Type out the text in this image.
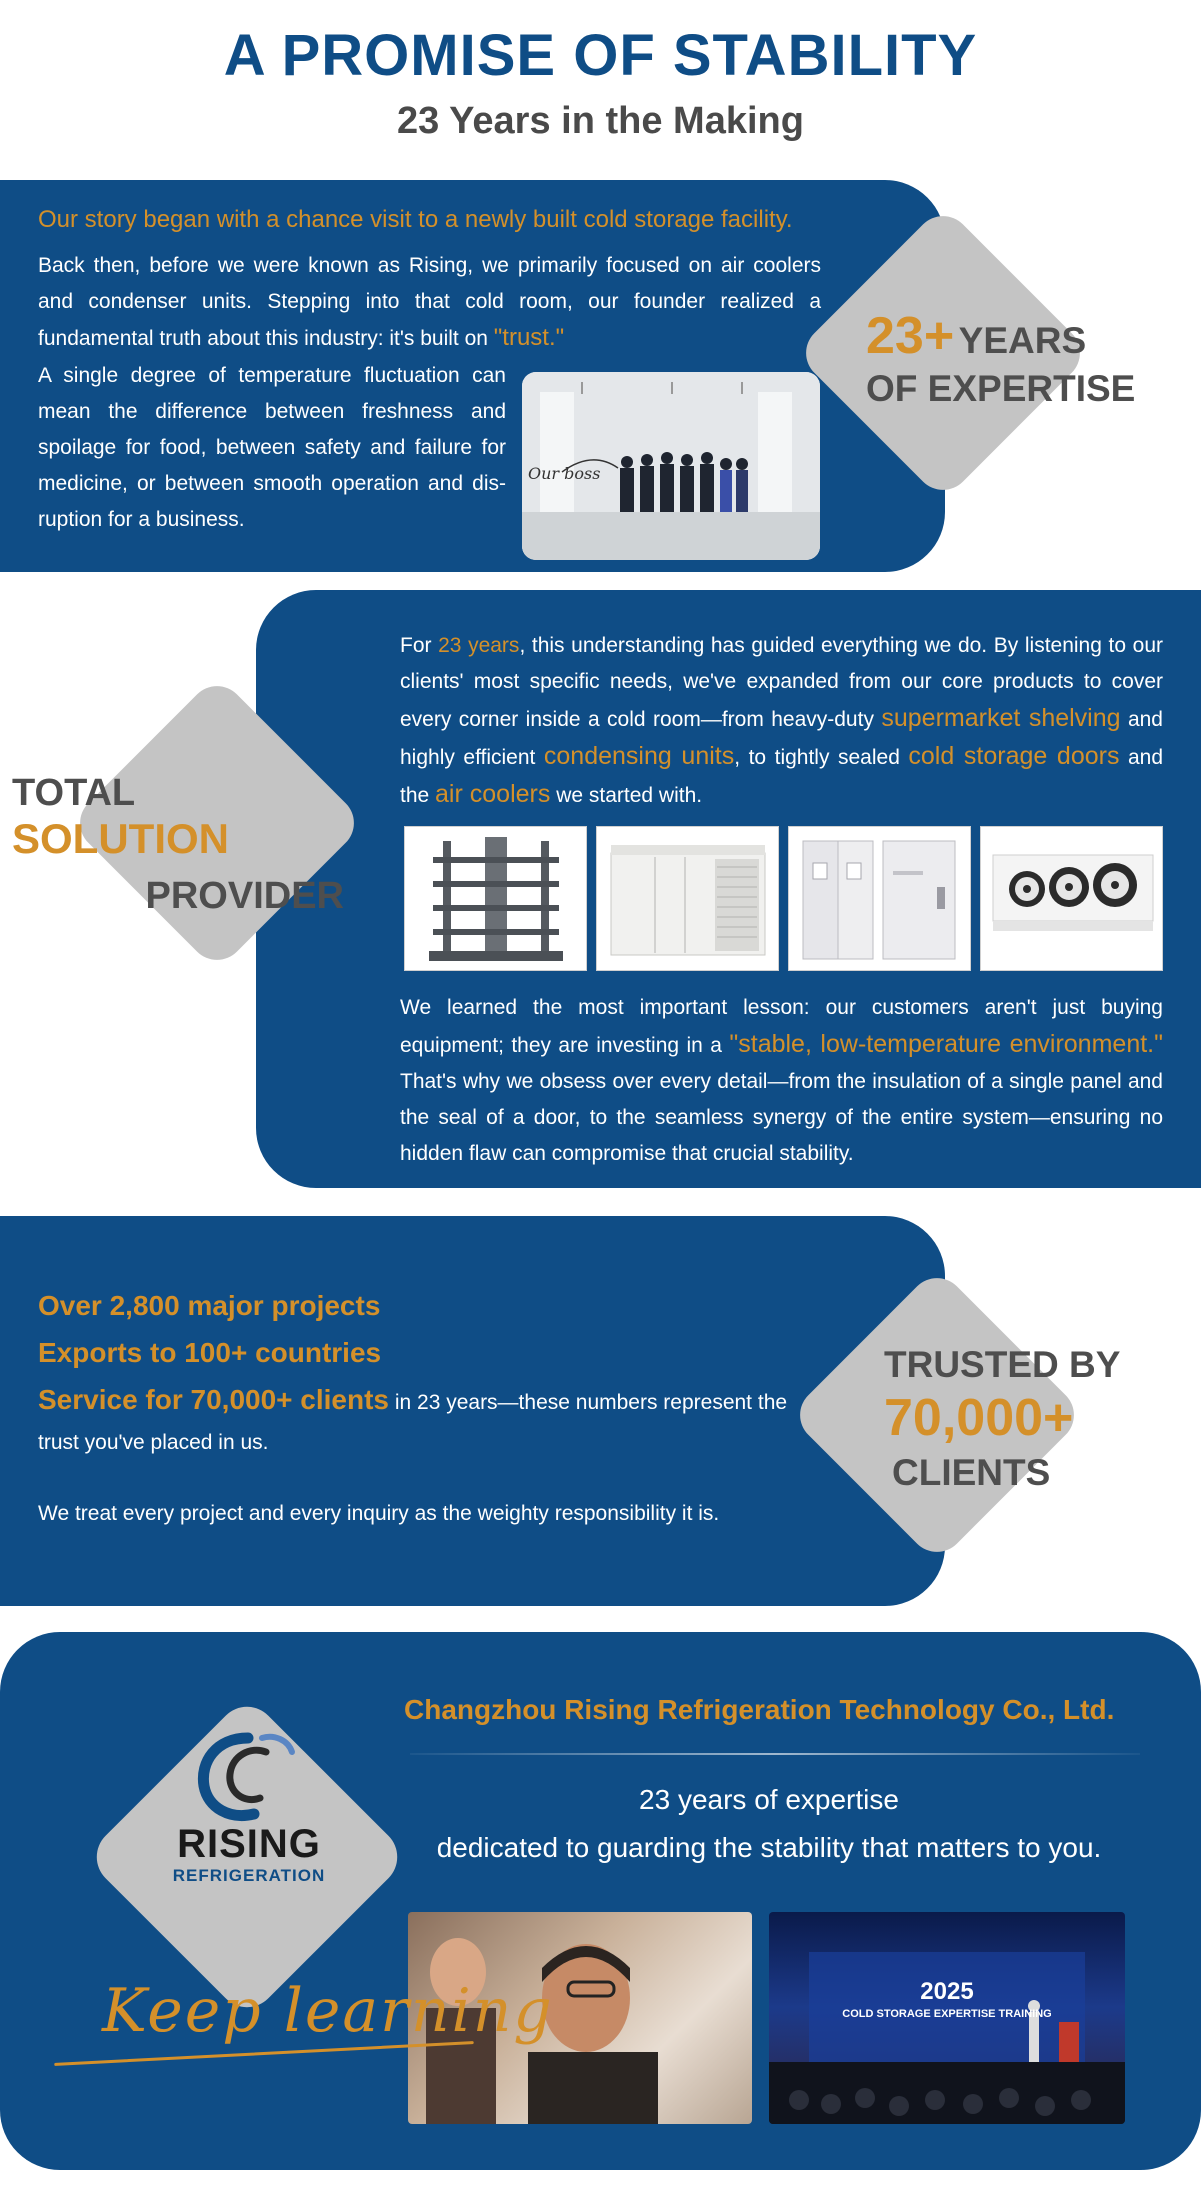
A PROMISE OF STABILITY
23 Years in the Making
Our story began with a chance visit to a newly built cold storage facility.
Back then, before we were known as Rising, we primarily focused on air coolers and condenser units. Stepping into that cold room, our founder realized a fundamental truth about this industry: it's built on "trust."
A single degree of temperature fluctuation can
mean the difference between freshness and
spoilage for food, between safety and failure for
medicine, or between smooth operation and dis-
ruption for a business.
Our boss
23+ YEARS
OF EXPERTISE
TOTAL SOLUTION
PROVIDER
For 23 years, this understanding has guided everything we do. By listening to our clients' most specific needs, we've expanded from our core products to cover every corner inside a cold room—from heavy-duty supermarket shelving and highly efficient condensing units, to tightly sealed cold storage doors and the air coolers we started with.
We learned the most important lesson: our customers aren't just buying equipment; they are investing in a "stable, low-temperature environment." That's why we obsess over every detail—from the insulation of a single panel and the seal of a door, to the seamless synergy of the entire system—ensuring no hidden flaw can compromise that crucial stability.
Over 2,800 major projects
Exports to 100+ countries
Service for 70,000+ clients in 23 years—these numbers represent the trust you've placed in us.
We treat every project and every inquiry as the weighty responsibility it is.
TRUSTED BY
70,000+
CLIENTS
Changzhou Rising Refrigeration Technology Co., Ltd.
23 years of expertise
dedicated to guarding the stability that matters to you.
RISING
REFRIGERATION
Keep learning	2025
COLD STORAGE EXPERTISE TRAINING
